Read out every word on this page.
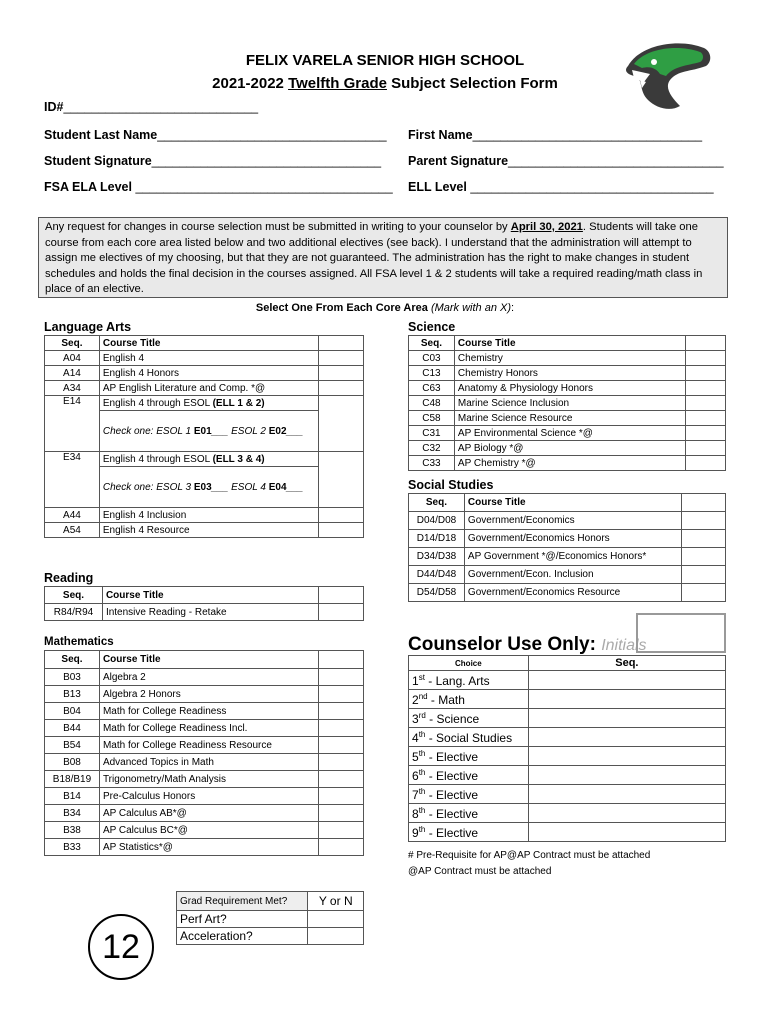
FELIX VARELA SENIOR HIGH SCHOOL
2021-2022 Twelfth Grade Subject Selection Form
ID#____________________________
Student Last Name_________________________________ First Name_________________________________
Student Signature_________________________________ Parent Signature_______________________________
FSA ELA Level _____________________________________ ELL Level ___________________________________
Any request for changes in course selection must be submitted in writing to your counselor by April 30, 2021. Students will take one course from each core area listed below and two additional electives (see back). I understand that the administration will attempt to assign me electives of my choosing, but that they are not guaranteed. The administration has the right to make changes in student schedules and holds the final decision in the courses assigned. All FSA level 1 & 2 students will take a required reading/math class in place of an elective.
Select One From Each Core Area (Mark with an X):
Language Arts
Seq.	Course Title	
A04	English 4	
A14	English 4 Honors	
A34	AP English Literature and Comp. *@	
E14	English 4 through ESOL (ELL 1 & 2)	
	Check one: ESOL 1 E01___ ESOL 2 E02___	
E34	English 4 through ESOL (ELL 3 & 4)	
	Check one: ESOL 3 E03___ ESOL 4 E04___	
A44	English 4 Inclusion	
A54	English 4 Resource	
Reading
Seq.	Course Title	
R84/R94	Intensive Reading - Retake	
Mathematics
Seq.	Course Title	
B03	Algebra 2	
B13	Algebra 2 Honors	
B04	Math for College Readiness	
B44	Math for College Readiness Incl.	
B54	Math for College Readiness Resource	
B08	Advanced Topics in Math	
B18/B19	Trigonometry/Math Analysis	
B14	Pre-Calculus Honors	
B34	AP Calculus AB*@	
B38	AP Calculus BC*@	
B33	AP Statistics*@	
Science
Seq.	Course Title	
C03	Chemistry	
C13	Chemistry Honors	
C63	Anatomy & Physiology Honors	
C48	Marine Science Inclusion	
C58	Marine Science Resource	
C31	AP Environmental Science *@	
C32	AP Biology *@	
C33	AP Chemistry *@	
Social Studies
Seq.	Course Title	
D04/D08	Government/Economics	
D14/D18	Government/Economics Honors	
D34/D38	AP Government *@/Economics Honors*	
D44/D48	Government/Econ. Inclusion	
D54/D58	Government/Economics Resource	
Counselor Use Only: Initials
Choice	Seq.
1st - Lang. Arts	
2nd - Math	
3rd - Science	
4th - Social Studies	
5th - Elective	
6th - Elective	
7th - Elective	
8th - Elective	
9th - Elective	
# Pre-Requisite for AP@AP Contract must be attached
@AP Contract must be attached
Grad Requirement Met?	Y or N
Perf Art?	
Acceleration?	
12
